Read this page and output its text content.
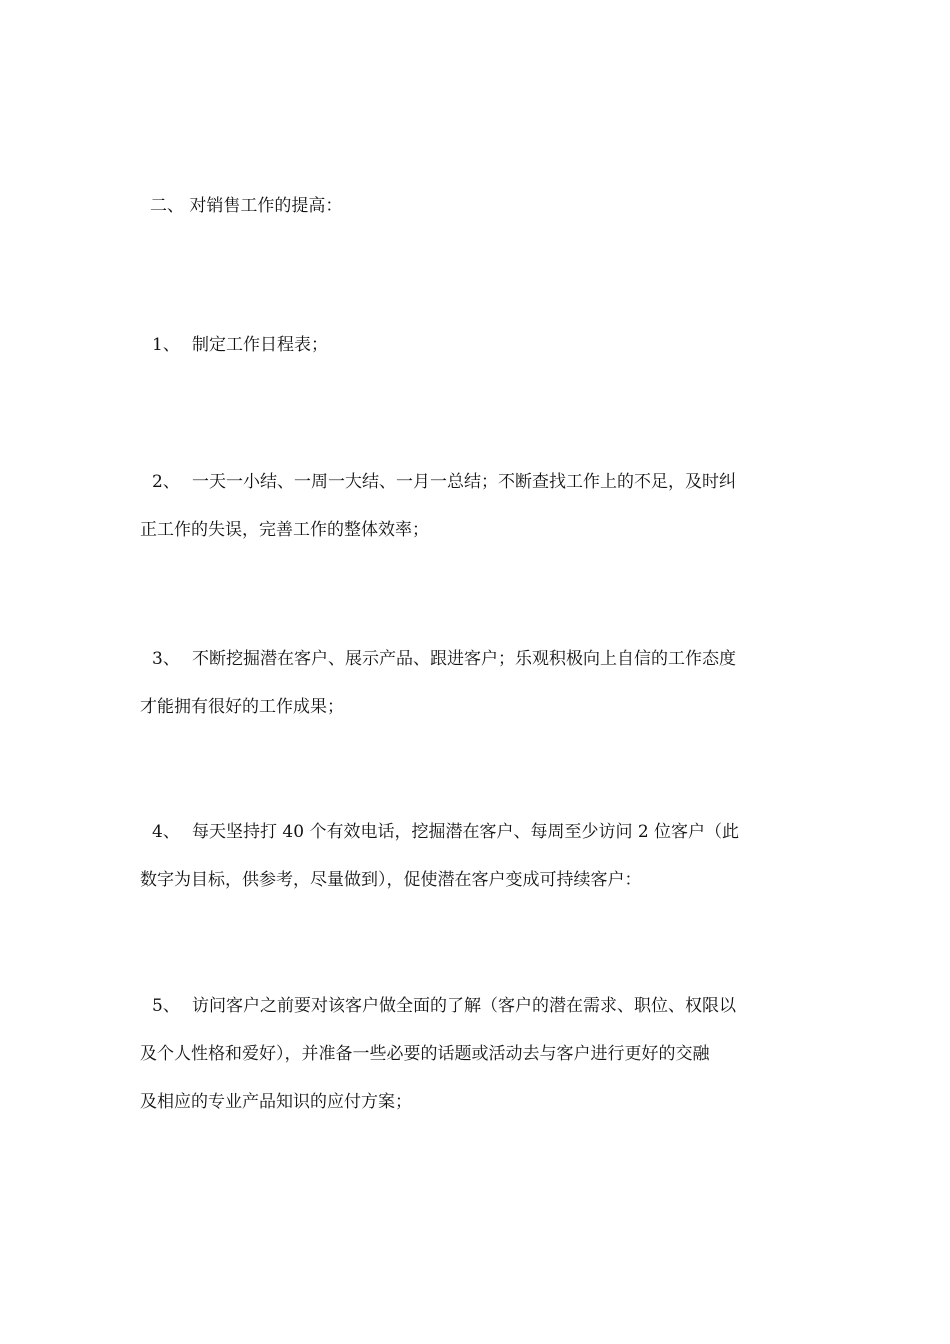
二、 对销售工作的提高：
1、 制定工作日程表；
2、 一天一小结、一周一大结、一月一总结；不断查找工作上的不足，及时纠
正工作的失误，完善工作的整体效率；
3、 不断挖掘潜在客户、展示产品、跟进客户；乐观积极向上自信的工作态度
才能拥有很好的工作成果；
4、 每天坚持打 40 个有效电话，挖掘潜在客户、每周至少访问 2 位客户（此
数字为目标，供参考，尽量做到），促使潜在客户变成可持续客户：
5、 访问客户之前要对该客户做全面的了解（客户的潜在需求、职位、权限以
及个人性格和爱好），并准备一些必要的话题或活动去与客户进行更好的交融
及相应的专业产品知识的应付方案；
